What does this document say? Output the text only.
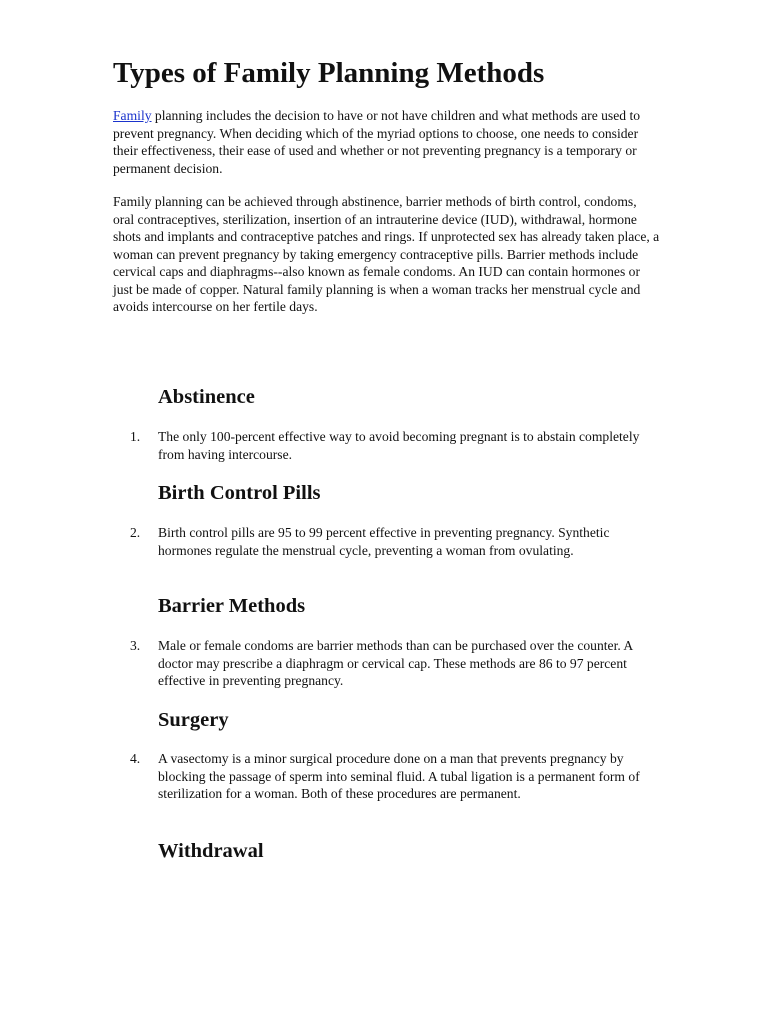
Types of Family Planning Methods

Family planning includes the decision to have or not have children and what methods are used to prevent pregnancy. When deciding which of the myriad options to choose, one needs to consider their effectiveness, their ease of used and whether or not preventing pregnancy is a temporary or permanent decision.

Family planning can be achieved through abstinence, barrier methods of birth control, condoms, oral contraceptives, sterilization, insertion of an intrauterine device (IUD), withdrawal, hormone shots and implants and contraceptive patches and rings. If unprotected sex has already taken place, a woman can prevent pregnancy by taking emergency contraceptive pills. Barrier methods include cervical caps and diaphragms--also known as female condoms. An IUD can contain hormones or just be made of copper. Natural family planning is when a woman tracks her menstrual cycle and avoids intercourse on her fertile days.

Abstinence
1.	The only 100-percent effective way to avoid becoming pregnant is to abstain completely from having intercourse.
Birth Control Pills
2.	Birth control pills are 95 to 99 percent effective in preventing pregnancy. Synthetic hormones regulate the menstrual cycle, preventing a woman from ovulating.
Barrier Methods
3.	Male or female condoms are barrier methods than can be purchased over the counter. A doctor may prescribe a diaphragm or cervical cap. These methods are 86 to 97 percent effective in preventing pregnancy.
Surgery
4.	A vasectomy is a minor surgical procedure done on a man that prevents pregnancy by blocking the passage of sperm into seminal fluid. A tubal ligation is a permanent form of sterilization for a woman. Both of these procedures are permanent.
Withdrawal
